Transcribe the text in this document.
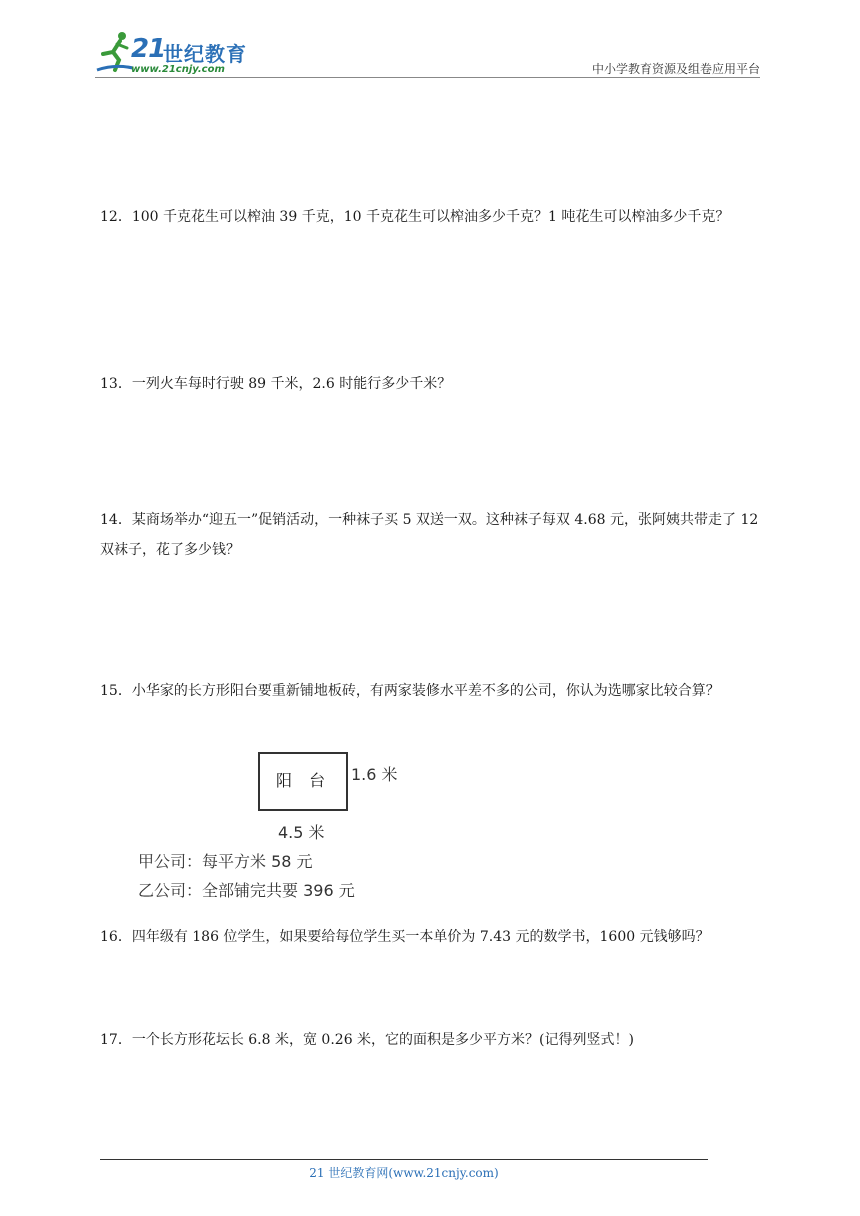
21
世纪教育
www.21cnjy.com	中小学教育资源及组卷应用平台
12．100 千克花生可以榨油 39 千克，10 千克花生可以榨油多少千克？1 吨花生可以榨油多少千克？
13．一列火车每时行驶 89 千米，2.6 时能行多少千米？
14．某商场举办“迎五一”促销活动，一种袜子买 5 双送一双。这种袜子每双 4.68 元，张阿姨共带走了 12 双袜子，花了多少钱？
15．小华家的长方形阳台要重新铺地板砖，有两家装修水平差不多的公司，你认为选哪家比较合算？
阳 台 1.6 米
4.5 米
甲公司：每平方米 58 元
乙公司：全部铺完共要 396 元
16．四年级有 186 位学生，如果要给每位学生买一本单价为 7.43 元的数学书，1600 元钱够吗？
17．一个长方形花坛长 6.8 米，宽 0.26 米，它的面积是多少平方米？(记得列竖式！)
21 世纪教育网(www.21cnjy.com)
